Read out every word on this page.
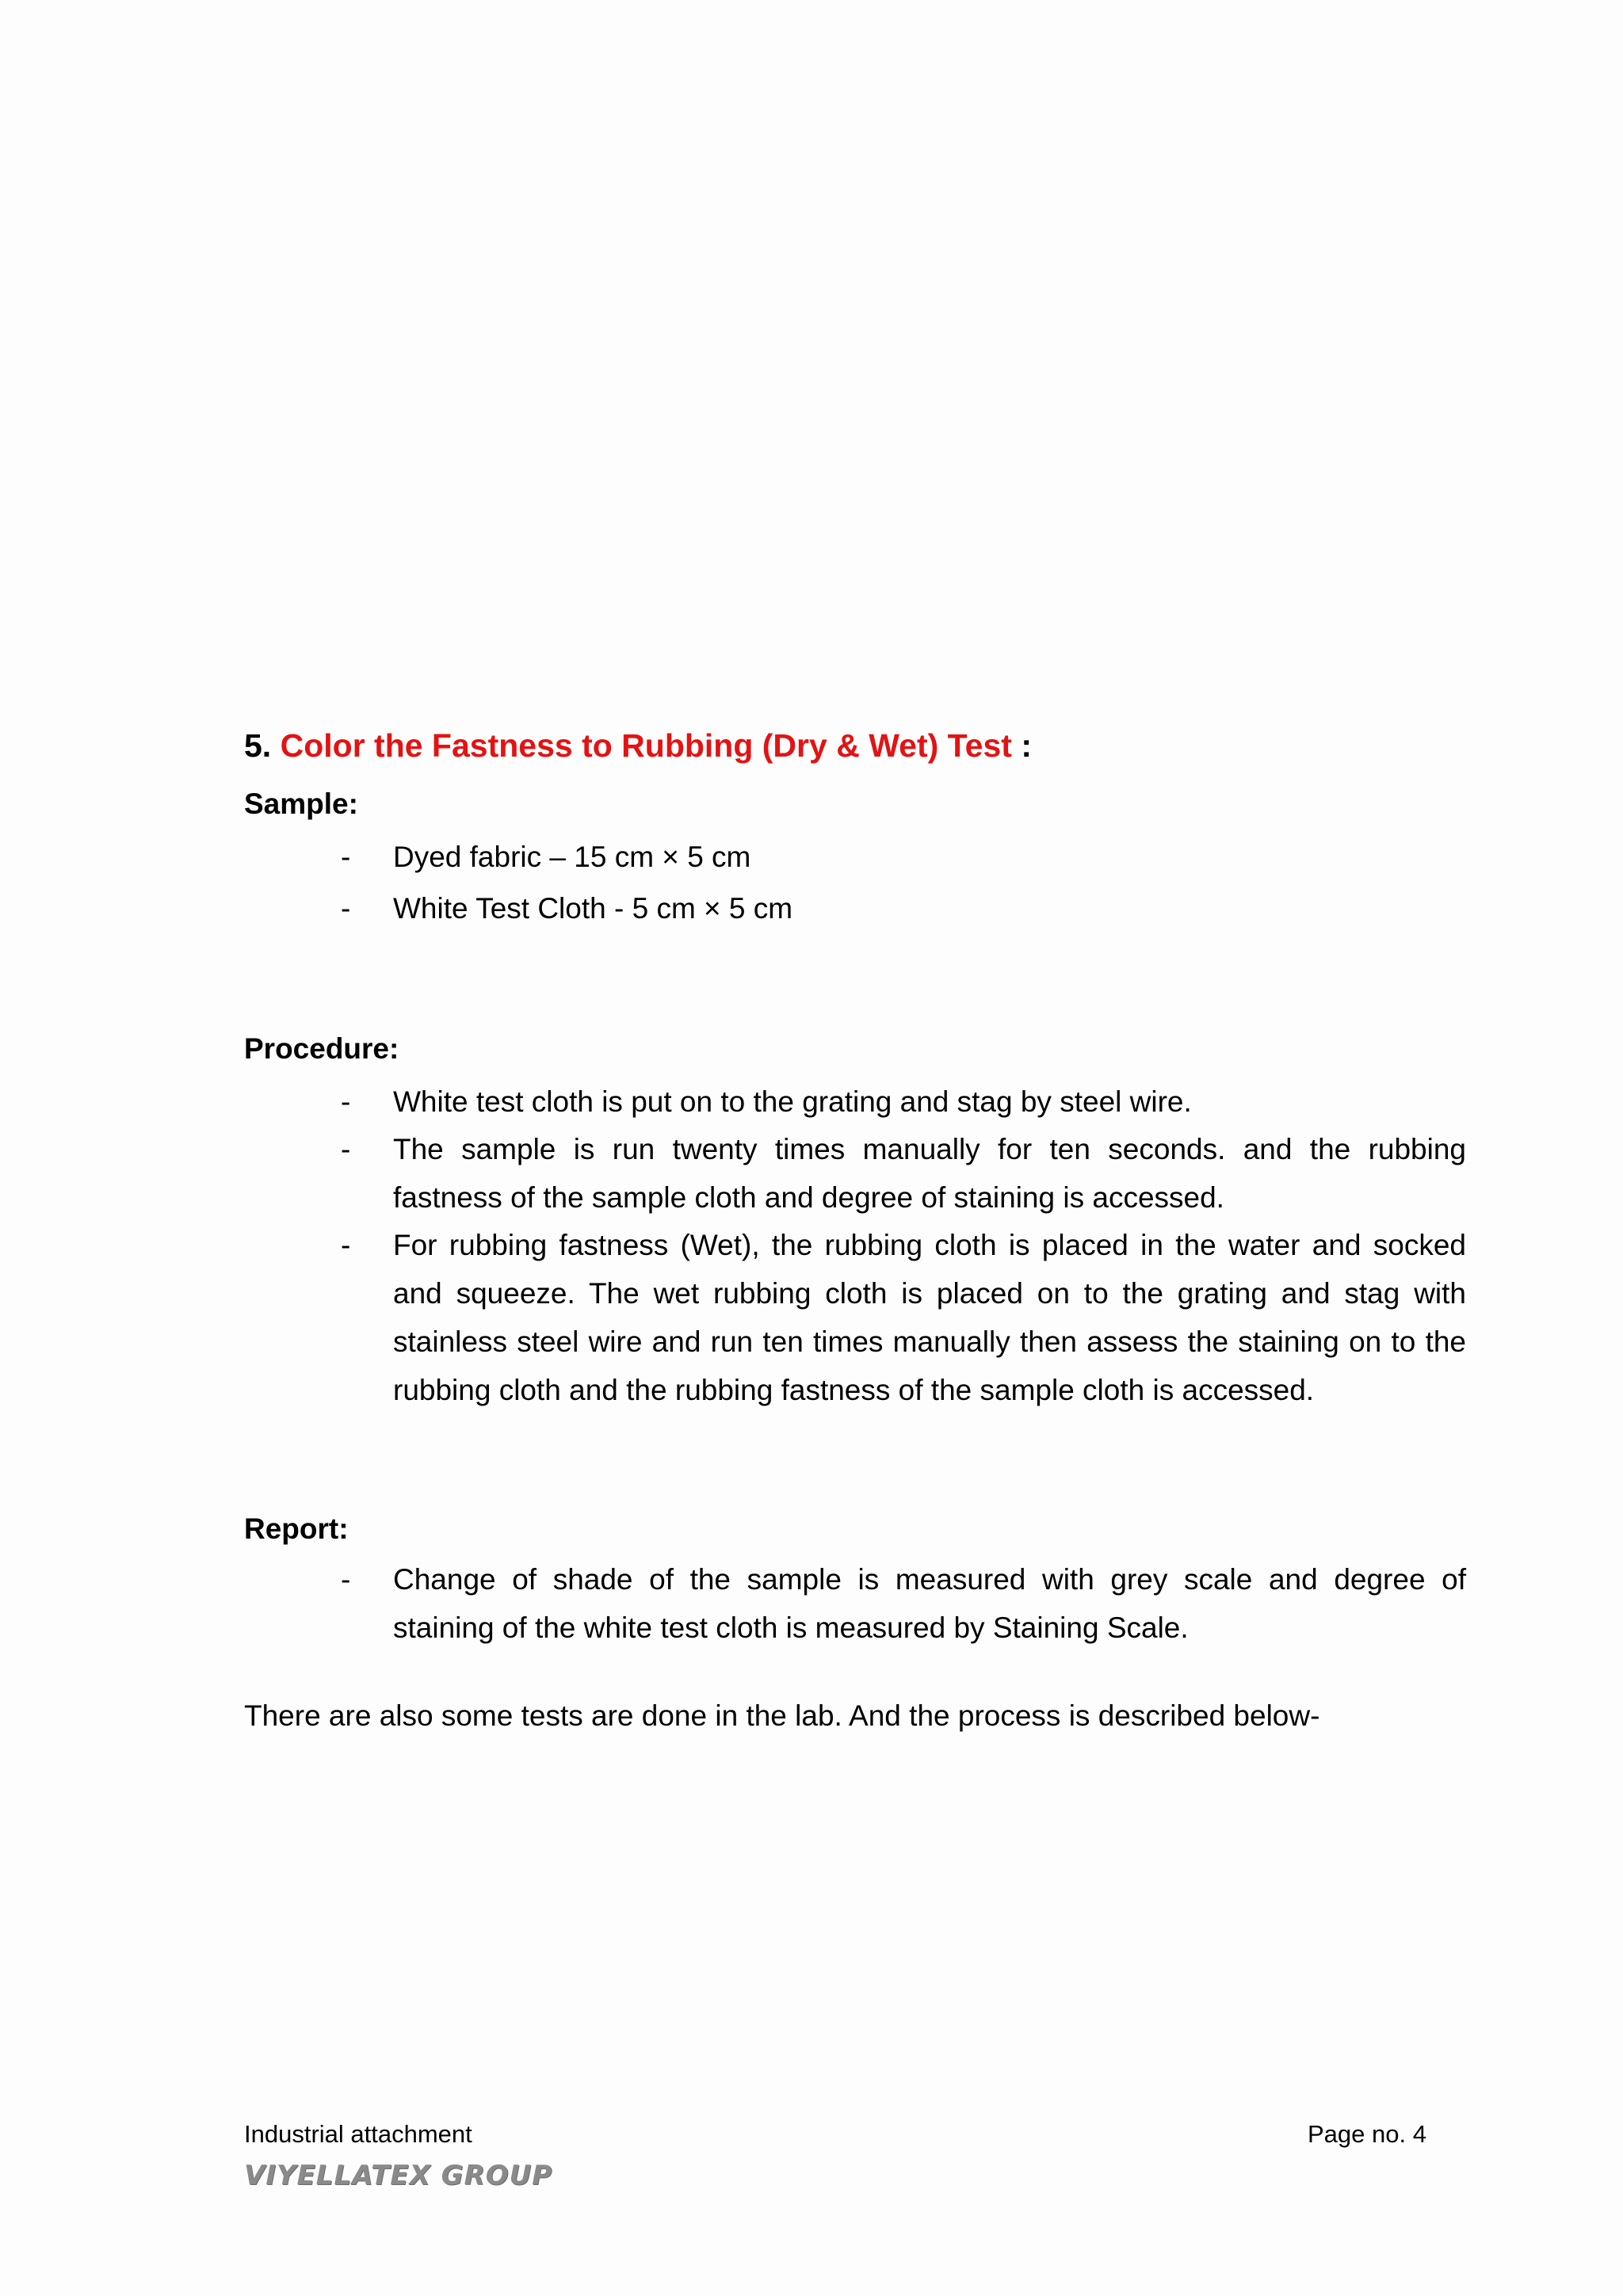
5. Color the Fastness to Rubbing (Dry & Wet) Test :
Sample:
- Dyed fabric – 15 cm × 5 cm
- White Test Cloth - 5 cm × 5 cm
Procedure:
- White test cloth is put on to the grating and stag by steel wire.
- The sample is run twenty times manually for ten seconds. and the rubbing fastness of the sample cloth and degree of staining is accessed.
- For rubbing fastness (Wet), the rubbing cloth is placed in the water and socked and squeeze. The wet rubbing cloth is placed on to the grating and stag with stainless steel wire and run ten times manually then assess the staining on to the rubbing cloth and the rubbing fastness of the sample cloth is accessed.
Report:
- Change of shade of the sample is measured with grey scale and degree of staining of the white test cloth is measured by Staining Scale.
There are also some tests are done in the lab. And the process is described below-
Industrial attachment	Page no. 4
VIYELLATEX GROUP
